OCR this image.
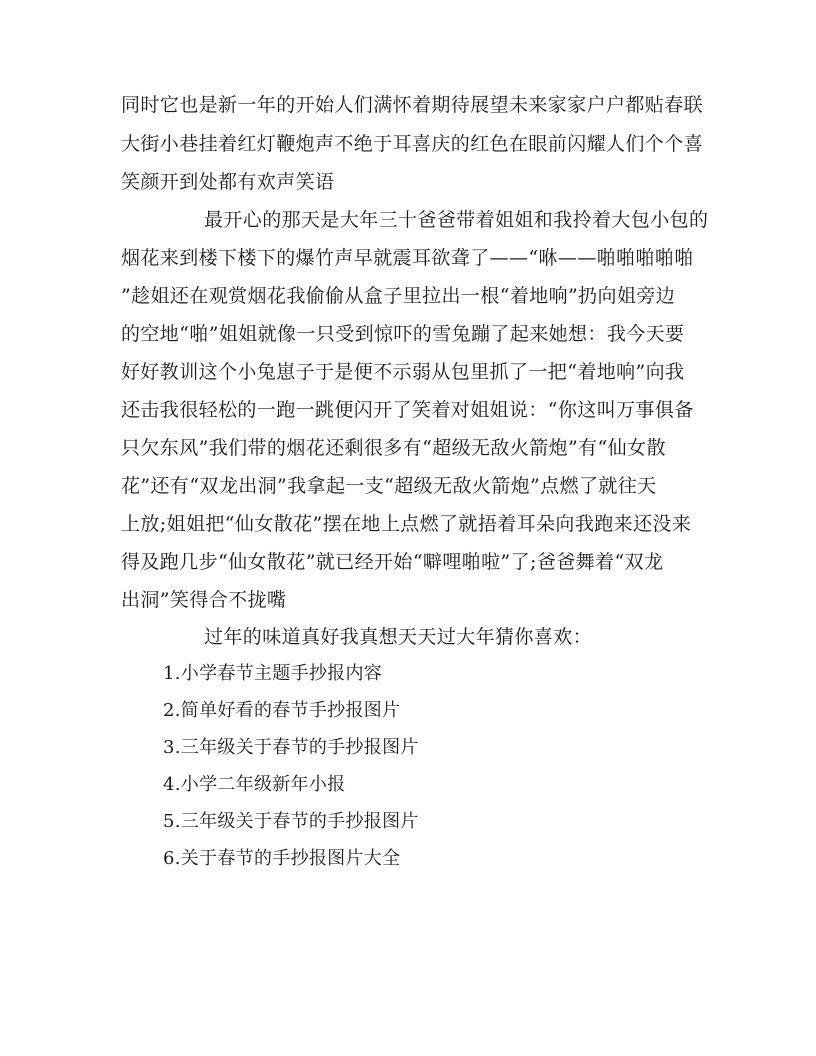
同时它也是新一年的开始人们满怀着期待展望未来家家户户都贴春联
大街小巷挂着红灯鞭炮声不绝于耳喜庆的红色在眼前闪耀人们个个喜
笑颜开到处都有欢声笑语
最开心的那天是大年三十爸爸带着姐姐和我拎着大包小包的
烟花来到楼下楼下的爆竹声早就震耳欲聋了——“咻——啪啪啪啪啪
”趁姐还在观赏烟花我偷偷从盒子里拉出一根“着地响”扔向姐旁边
的空地“啪”姐姐就像一只受到惊吓的雪兔蹦了起来她想：我今天要
好好教训这个小兔崽子于是便不示弱从包里抓了一把“着地响”向我
还击我很轻松的一跑一跳便闪开了笑着对姐姐说：“你这叫万事俱备
只欠东风”我们带的烟花还剩很多有“超级无敌火箭炮”有“仙女散
花”还有“双龙出洞”我拿起一支“超级无敌火箭炮”点燃了就往天
上放;姐姐把“仙女散花”摆在地上点燃了就捂着耳朵向我跑来还没来
得及跑几步“仙女散花”就已经开始“噼哩啪啦”了;爸爸舞着“双龙
出洞”笑得合不拢嘴
过年的味道真好我真想天天过大年猜你喜欢：
1.小学春节主题手抄报内容
2.简单好看的春节手抄报图片
3.三年级关于春节的手抄报图片
4.小学二年级新年小报
5.三年级关于春节的手抄报图片
6.关于春节的手抄报图片大全
